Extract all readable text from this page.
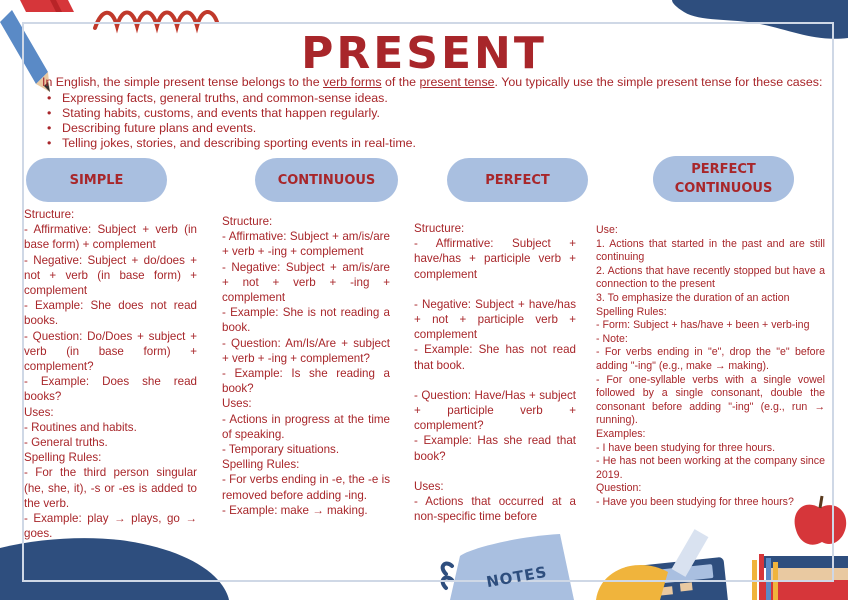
PRESENT
In English, the simple present tense belongs to the verb forms of the present tense. You typically use the simple present tense for these cases:
• Expressing facts, general truths, and common-sense ideas.
• Stating habits, customs, and events that happen regularly.
• Describing future plans and events.
• Telling jokes, stories, and describing sporting events in real-time.
SIMPLE	CONTINUOUS	PERFECT
PERFECT CONTINUOUS
Structure:
- Affirmative: Subject + verb (in base form) + complement
- Negative: Subject + do/does + not + verb (in base form) + complement
- Example: She does not read books.
- Question: Do/Does + subject + verb (in base form) + complement?
- Example: Does she read books?
Uses:
- Routines and habits.
- General truths.
Spelling Rules:
- For the third person singular (he, she, it), -s or -es is added to the verb.
- Example: play → plays, go → goes.
Structure:
- Affirmative: Subject + am/is/are + verb + -ing + complement
- Negative: Subject + am/is/are + not + verb + -ing + complement
- Example: She is not reading a book.
- Question: Am/Is/Are + subject + verb + -ing + complement?
- Example: Is she reading a book?
Uses:
- Actions in progress at the time of speaking.
- Temporary situations.
Spelling Rules:
- For verbs ending in -e, the -e is removed before adding -ing.
- Example: make → making.
Structure:
- Affirmative: Subject + have/has + participle verb + complement
- Negative: Subject + have/has + not + participle verb + complement
- Example: She has not read that book.
- Question: Have/Has + subject + participle verb + complement?
- Example: Has she read that book?
Uses:
- Actions that occurred at a non-specific time before
Use:
1. Actions that started in the past and are still continuing
2. Actions that have recently stopped but have a connection to the present
3. To emphasize the duration of an action
Spelling Rules:
- Form: Subject + has/have + been + verb-ing
- Note:
- For verbs ending in "e", drop the "e" before adding "-ing" (e.g., make → making).
- For one-syllable verbs with a single vowel followed by a single consonant, double the consonant before adding "-ing" (e.g., run → running).
Examples:
- I have been studying for three hours.
- He has not been working at the company since 2019.
Question:
- Have you been studying for three hours?
NOTES
